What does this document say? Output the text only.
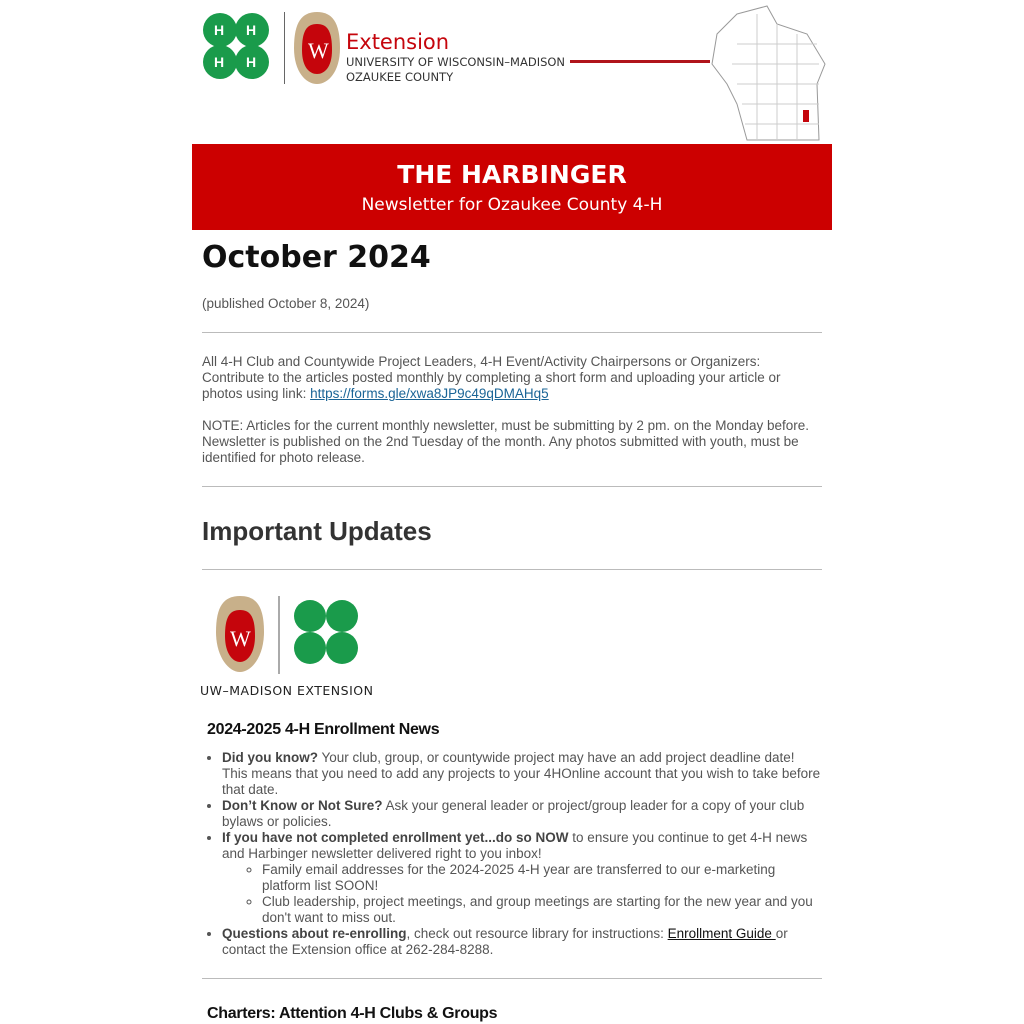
H H
H H W Extension
UNIVERSITY OF WISCONSIN–MADISON
OZAUKEE COUNTY
THE HARBINGER

Newsletter for Ozaukee County 4-H

October 2024
(published October 8, 2024)
All 4-H Club and Countywide Project Leaders, 4-H Event/Activity Chairpersons or Organizers: Contribute to the articles posted monthly by completing a short form and uploading your article or photos using link: https://forms.gle/xwa8JP9c49qDMAHq5
NOTE: Articles for the current monthly newsletter, must be submitting by 2 pm. on the Monday before. Newsletter is published on the 2nd Tuesday of the month. Any photos submitted with youth, must be identified for photo release.
Important Updates
W
UW–MADISON EXTENSION
2024-2025 4-H Enrollment News
• Did you know? Your club, group, or countywide project may have an add project deadline date! This means that you need to add any projects to your 4HOnline account that you wish to take before that date.
• Don’t Know or Not Sure? Ask your general leader or project/group leader for a copy of your club bylaws or policies.
• If you have not completed enrollment yet...do so NOW to ensure you continue to get 4-H news and Harbinger newsletter delivered right to you inbox!
◦ Family email addresses for the 2024-2025 4-H year are transferred to our e-marketing platform list SOON!
◦ Club leadership, project meetings, and group meetings are starting for the new year and you don't want to miss out.
• Questions about re-enrolling, check out resource library for instructions: Enrollment Guide or contact the Extension office at 262-284-8288.
Charters: Attention 4-H Clubs & Groups
